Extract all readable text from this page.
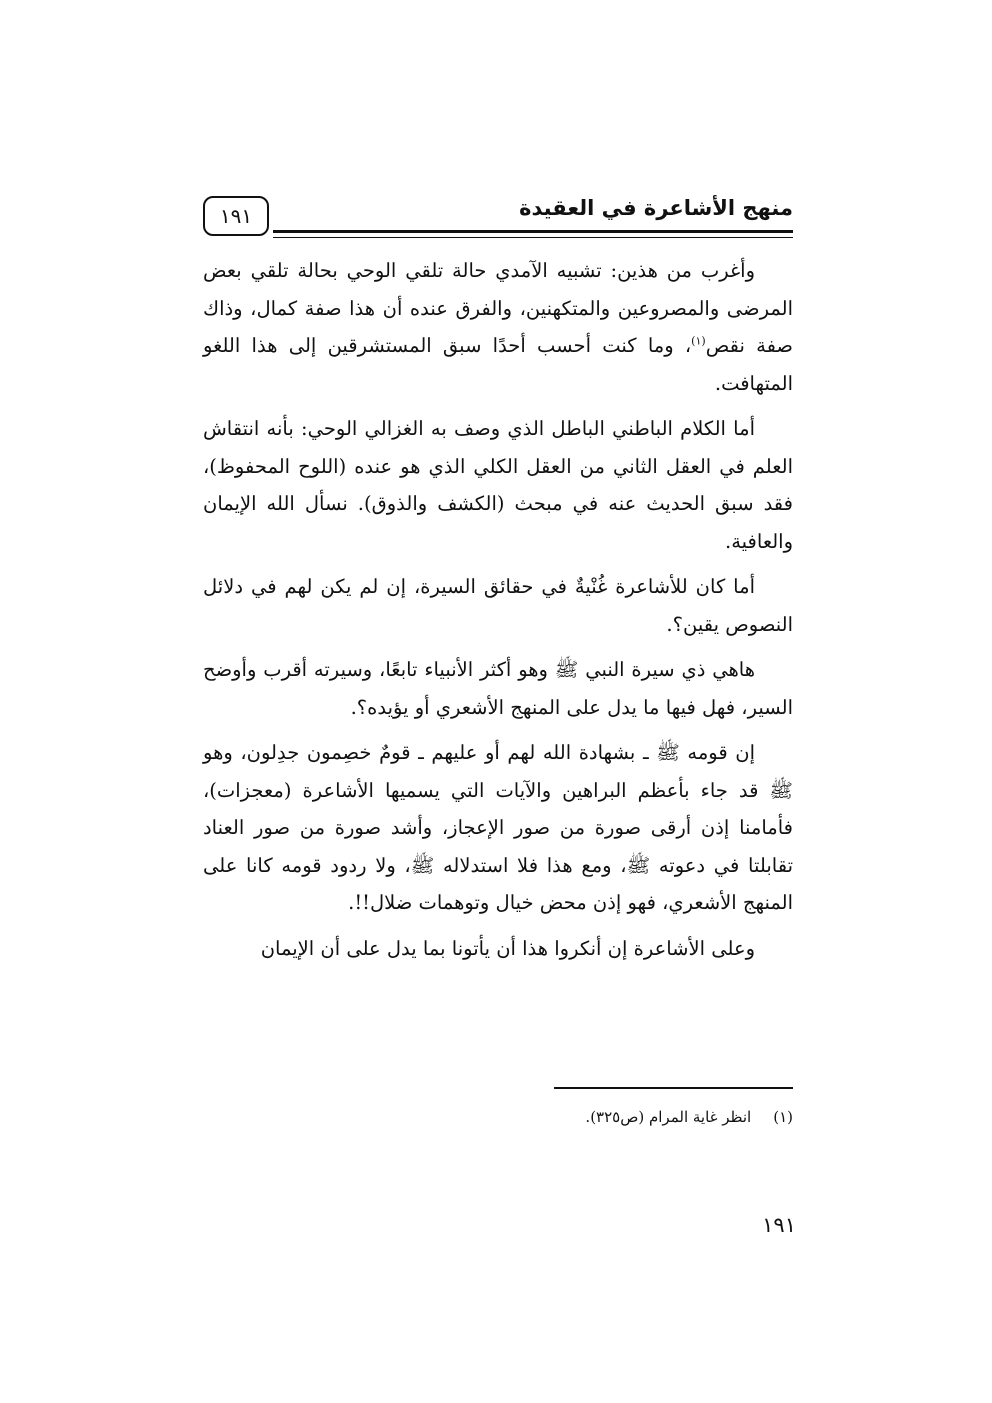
منهج الأشاعرة في العقيدة
١٩١

وأغرب من هذين: تشبيه الآمدي حالة تلقي الوحي بحالة تلقي بعض المرضى والمصروعين والمتكهنين، والفرق عنده أن هذا صفة كمال، وذاك صفة نقص$^{(١)}$، وما كنت أحسب أحدًا سبق المستشرقين إلى هذا اللغو المتهافت.

أما الكلام الباطني الباطل الذي وصف به الغزالي الوحي: بأنه انتقاش العلم في العقل الثاني من العقل الكلي الذي هو عنده (اللوح المحفوظ)، فقد سبق الحديث عنه في مبحث (الكشف والذوق). نسأل الله الإيمان والعافية.

أما كان للأشاعرة غُنْيةٌ في حقائق السيرة، إن لم يكن لهم في دلائل النصوص يقين؟.

هاهي ذي سيرة النبي ﷺ وهو أكثر الأنبياء تابعًا، وسيرته أقرب وأوضح السير، فهل فيها ما يدل على المنهج الأشعري أو يؤيده؟.

إن قومه ﷺ ـ بشهادة الله لهم أو عليهم ـ قومٌ خصِمون جدِلون، وهو ﷺ قد جاء بأعظم البراهين والآيات التي يسميها الأشاعرة (معجزات)، فأمامنا إذن أرقى صورة من صور الإعجاز، وأشد صورة من صور العناد تقابلتا في دعوته ﷺ، ومع هذا فلا استدلاله ﷺ، ولا ردود قومه كانا على المنهج الأشعري، فهو إذن محض خيال وتوهمات ضلال!!.

وعلى الأشاعرة إن أنكروا هذا أن يأتونا بما يدل على أن الإيمان

(١)انظر غاية المرام (ص٣٢٥).
١٩١
